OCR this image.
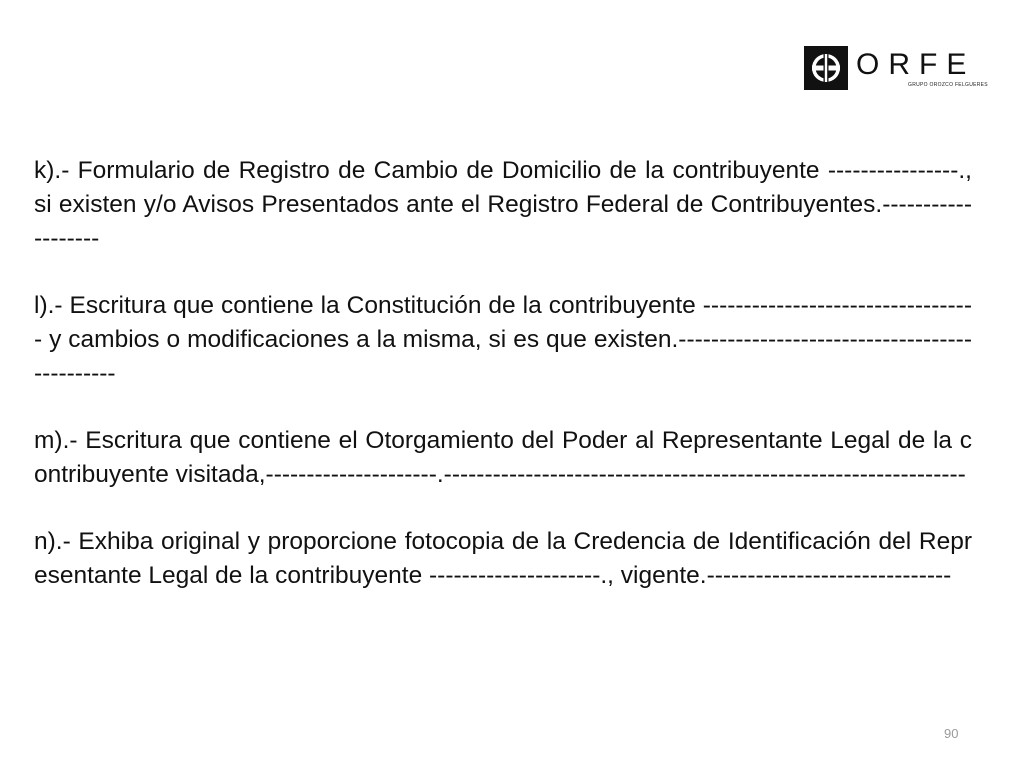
ORFE
GRUPO OROZCO FELGUERES

k).- Formulario de Registro de Cambio de Domicilio de la contribuyente ----------------., si existen y/o Avisos Presentados ante el Registro Federal de Contribuyentes.-------------------

l).- Escritura que contiene la Constitución de la contribuyente ---------------------------------- y cambios o modificaciones a la misma, si es que existen.----------------------------------------------

m).- Escritura que contiene el Otorgamiento del Poder al Representante Legal de la contribuyente visitada,---------------------.----------------------------------------------------------------

n).- Exhiba original y proporcione fotocopia de la Credencia de Identificación del Representante Legal de la contribuyente ---------------------., vigente.------------------------------

90
